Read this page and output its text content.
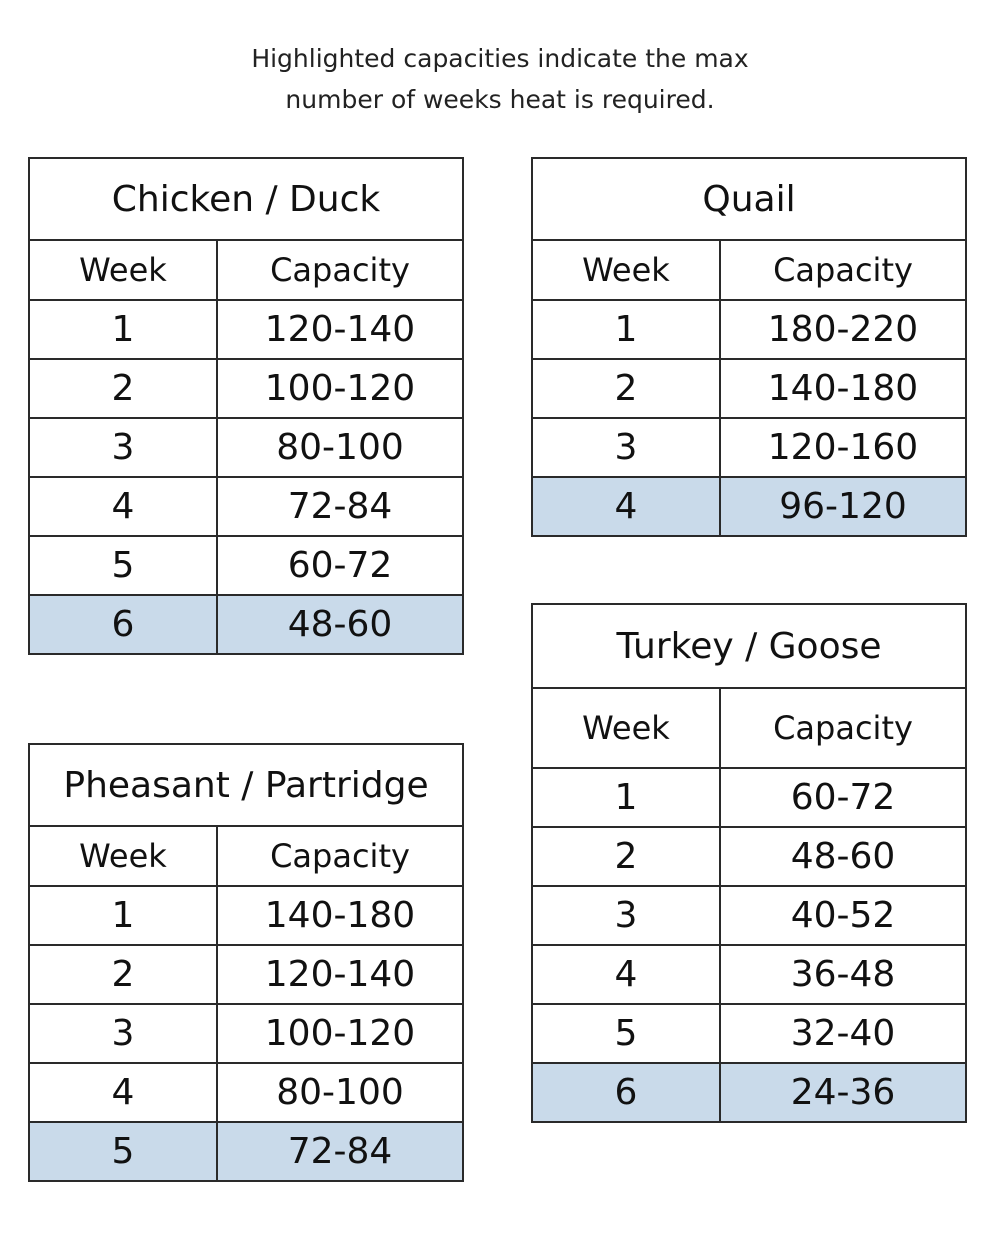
Highlighted capacities indicate the max
number of weeks heat is required.
Chicken / Duck	
Week	Capacity
1	120-140
2	100-120
3	80-100
4	72-84
5	60-72
6	48-60
Quail	
Week	Capacity
1	180-220
2	140-180
3	120-160
4	96-120
Turkey / Goose	
Week	Capacity
1	60-72
2	48-60
3	40-52
4	36-48
5	32-40
6	24-36
Pheasant / Partridge	
Week	Capacity
1	140-180
2	120-140
3	100-120
4	80-100
5	72-84
